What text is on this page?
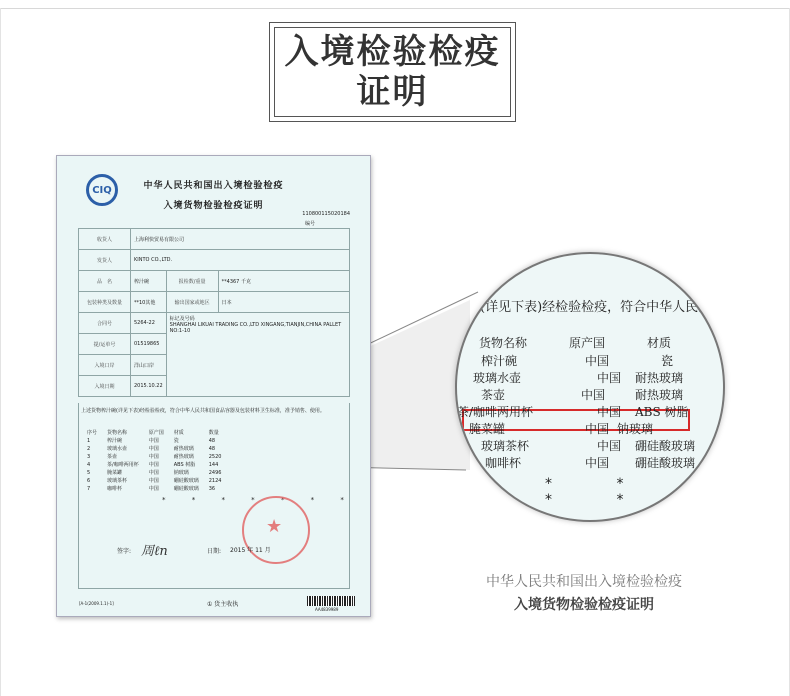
入境检验检疫
证明
CIQ	中华人民共和国出入境检验检疫
入境货物检验检疫证明
110800115020184
编号
收货人	上海利快贸易有限公司		
发货人	KINTO CO.,LTD.		
品　名	榨汁碗	报检数/重量	**4367 千克
包装种类及数量	**10其他	输出国家或地区	日本
合同号	5264-22	标记及号码
SHANGHAI LIKUAI TRADING CO.,LTD XINGANG,TIANJIN,CHINA PALLET NO:1-10	

提/运单号	01519865		
入境口岸	洋山口岸		
入境日期	2015.10.22		
上述货物榨汁碗(详见下表)经检验检疫，符合中华人民共和国食品容器及包装材料卫生标准，准予销售、使用。
序号	货物名称	原产国	材质	数量
1	榨汁碗	中国	瓷	48
2	玻璃水壶	中国	耐热玻璃	48
3	茶壶	中国	耐热玻璃	2520
4	茶/咖啡两用杯	中国	ABS 树脂	144
5	腌菜罐	中国	钠玻璃	2496
6	玻璃茶杯	中国	硼硅酸玻璃	2124
7	咖啡杯	中国	硼硅酸玻璃	36
* * * * * * *
★
签字: 周ℓn	日期: 2015 年 11 月
[A-1(2009.1.1)-1]	① 货主收执
AA4839989
碗(详见下表)经检验检疫，符合中华人民共
货物名称	原产国	材质
* * * *
榨汁碗	中国	瓷
玻璃水壶	中国 耐热玻璃
茶壶	中国 耐热玻璃
茶/咖啡两用杯	中国 ABS 树脂
腌菜罐	中国 钠玻璃
玻璃茶杯	中国 硼硅酸玻璃
咖啡杯	中国 硼硅酸玻璃
中华人民共和国出入境检验检疫
入境货物检验检疫证明
